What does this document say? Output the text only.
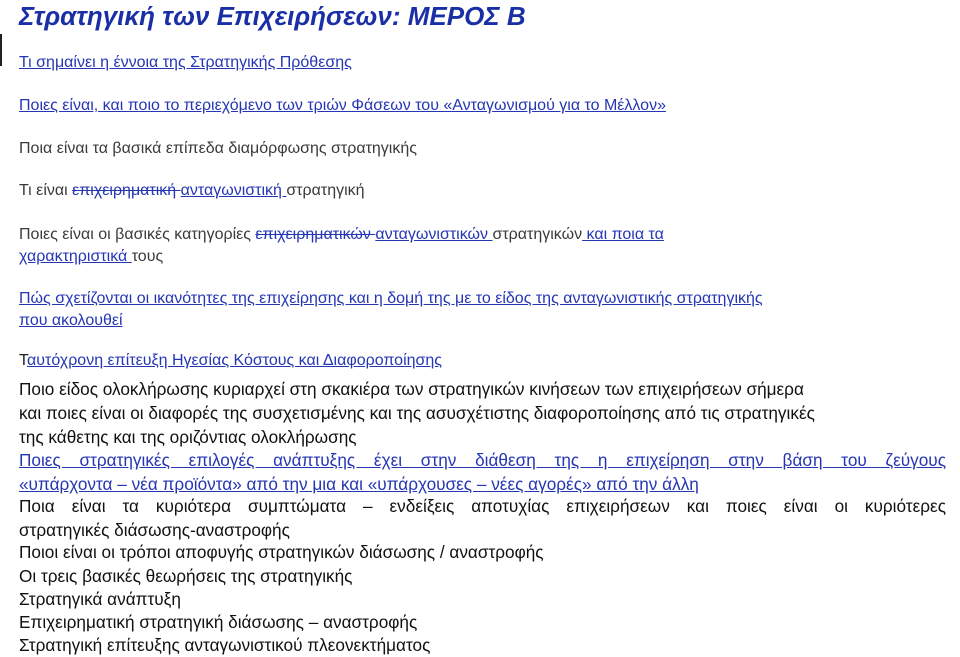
Στρατηγική των Επιχειρήσεων: ΜΕΡΟΣ Β

Τι σημαίνει η έννοια της Στρατηγικής Πρόθεσης

Ποιες είναι, και ποιο το περιεχόμενο των τριών Φάσεων του «Ανταγωνισμού για το Μέλλον»

Ποια είναι τα βασικά επίπεδα διαμόρφωσης στρατηγικής

Τι είναι επιχειρηματική ανταγωνιστική στρατηγική

Ποιες είναι οι βασικές κατηγορίες επιχειρηματικών ανταγωνιστικών στρατηγικών και ποια τα
χαρακτηριστικά τους

Πώς σχετίζονται οι ικανότητες της επιχείρησης και η δομή της με το είδος της ανταγωνιστικής στρατηγικής
που ακολουθεί

Ταυτόχρονη επίτευξη Ηγεσίας Κόστους και Διαφοροποίησης

Ποιο είδος ολοκλήρωσης κυριαρχεί στη σκακιέρα των στρατηγικών κινήσεων των επιχειρήσεων σήμερα
και ποιες είναι οι διαφορές της συσχετισμένης και της ασυσχέτιστης διαφοροποίησης από τις στρατηγικές
της κάθετης και της οριζόντιας ολοκλήρωσης

Ποιες στρατηγικές επιλογές ανάπτυξης έχει στην διάθεση της η επιχείρηση στην βάση του ζεύγους
«υπάρχοντα – νέα προϊόντα» από την μια και «υπάρχουσες – νέες αγορές» από την άλλη

Ποια είναι τα κυριότερα συμπτώματα – ενδείξεις αποτυχίας επιχειρήσεων και ποιες είναι οι κυριότερες
στρατηγικές διάσωσης-αναστροφής

Ποιοι είναι οι τρόποι αποφυγής στρατηγικών διάσωσης / αναστροφής

Οι τρεις βασικές θεωρήσεις της στρατηγικής

Στρατηγικά ανάπτυξη

Επιχειρηματική στρατηγική διάσωσης – αναστροφής

Στρατηγική επίτευξης ανταγωνιστικού πλεονεκτήματος
